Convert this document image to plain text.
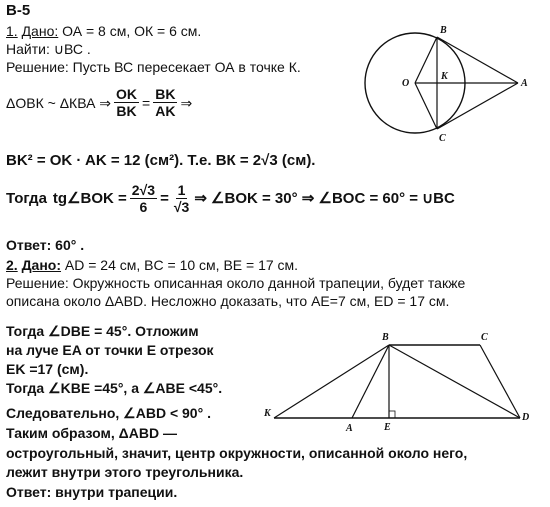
В-5
1. Дано: ОА = 8 см, ОК = 6 см.
Найти: ∪ВС .
Решение: Пусть ВС пересекает ОА в точке К.
ΔОВК ~ ΔКВА ⇒ $\frac{OK}{BK} = \frac{BK}{AK}$ ⇒
BK² = OK · AK = 12 (см²). Т.е. ВК = 2√3 (см).
Тогда tg∠BOK = $\frac{2√3}{6} = \frac{1}{√3}$ ⇒ ∠BOK = 30° ⇒ ∠BOC = 60° = ∪BC
Ответ: 60° .
2. Дано: AD = 24 см, BC = 10 см, BE = 17 см.
Решение: Окружность описанная около данной трапеции, будет также
описана около ΔABD. Несложно доказать, что AE=7 см, ED = 17 см.
Тогда ∠DBE = 45°. Отложим
на луче EA от точки E отрезок
EK =17 (см).
Тогда ∠KBE =45°, а ∠ABE <45°.
Следовательно, ∠ABD < 90° .
Таким образом, ΔABD —
остроугольный, значит, центр окружности, описанной около него,
лежит внутри этого треугольника.
Ответ: внутри трапеции.
B
O
K
A
C
B	C
K
A	E
D
